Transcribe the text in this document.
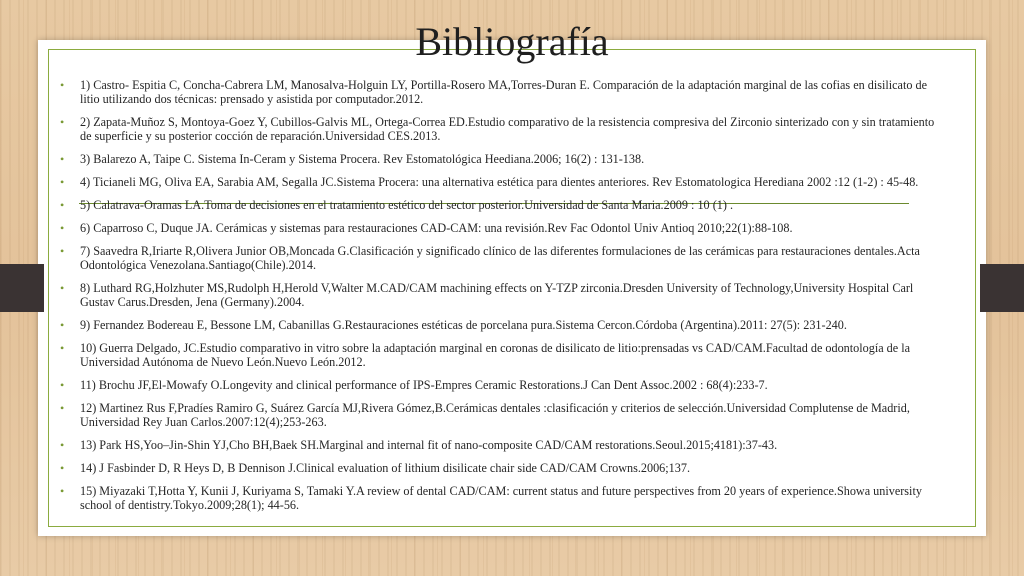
Bibliografía
• 1) Castro- Espitia C, Concha-Cabrera LM, Manosalva-Holguin LY, Portilla-Rosero MA,Torres-Duran E. Comparación de la adaptación marginal de las cofias en disilicato de litio utilizando dos técnicas: prensado y asistida por computador.2012.
• 2) Zapata-Muñoz S, Montoya-Goez Y, Cubillos-Galvis ML, Ortega-Correa ED.Estudio comparativo de la resistencia compresiva del Zirconio sinterizado con y sin tratamiento de superficie y su posterior cocción de reparación.Universidad CES.2013.
• 3) Balarezo A, Taipe C. Sistema In-Ceram y Sistema Procera. Rev Estomatológica Heediana.2006; 16(2) : 131-138.
• 4) Ticianeli MG, Oliva EA, Sarabia AM, Segalla JC.Sistema Procera: una alternativa estética para dientes anteriores. Rev Estomatologica Herediana 2002 :12 (1-2) : 45-48.
• 5) Calatrava-Oramas LA.Toma de decisiones en el tratamiento estético del sector posterior.Universidad de Santa Maria.2009 : 10 (1) .
• 6) Caparroso C, Duque JA. Cerámicas y sistemas para restauraciones CAD-CAM: una revisión.Rev Fac Odontol Univ Antioq 2010;22(1):88-108.
• 7) Saavedra R,Iriarte R,Olivera Junior OB,Moncada G.Clasificación y significado clínico de las diferentes formulaciones de las cerámicas para restauraciones dentales.Acta Odontológica Venezolana.Santiago(Chile).2014.
• 8) Luthard RG,Holzhuter MS,Rudolph H,Herold V,Walter M.CAD/CAM machining effects on Y-TZP zirconia.Dresden University of Technology,University Hospital Carl Gustav Carus.Dresden, Jena (Germany).2004.
• 9) Fernandez Bodereau E, Bessone LM, Cabanillas G.Restauraciones estéticas de porcelana pura.Sistema Cercon.Córdoba (Argentina).2011: 27(5): 231-240.
• 10) Guerra Delgado, JC.Estudio comparativo in vitro sobre la adaptación marginal en coronas de disilicato de litio:prensadas vs CAD/CAM.Facultad de odontología de la Universidad Autónoma de Nuevo León.Nuevo León.2012.
• 11) Brochu JF,El-Mowafy O.Longevity and clinical performance of IPS-Empres Ceramic Restorations.J Can Dent Assoc.2002 : 68(4):233-7.
• 12) Martinez Rus F,Pradíes Ramiro G, Suárez García MJ,Rivera Gómez,B.Cerámicas dentales :clasificación y criterios de selección.Universidad Complutense de Madrid, Universidad Rey Juan Carlos.2007:12(4);253-263.
• 13) Park HS,Yoo–Jin-Shin YJ,Cho BH,Baek SH.Marginal and internal fit of nano-composite CAD/CAM restorations.Seoul.2015;4181):37-43.
• 14) J Fasbinder D, R Heys D, B Dennison J.Clinical evaluation of lithium disilicate chair side CAD/CAM Crowns.2006;137.
• 15) Miyazaki T,Hotta Y, Kunii J, Kuriyama S, Tamaki Y.A review of dental CAD/CAM: current status and future perspectives from 20 years of experience.Showa university school of dentistry.Tokyo.2009;28(1); 44-56.
